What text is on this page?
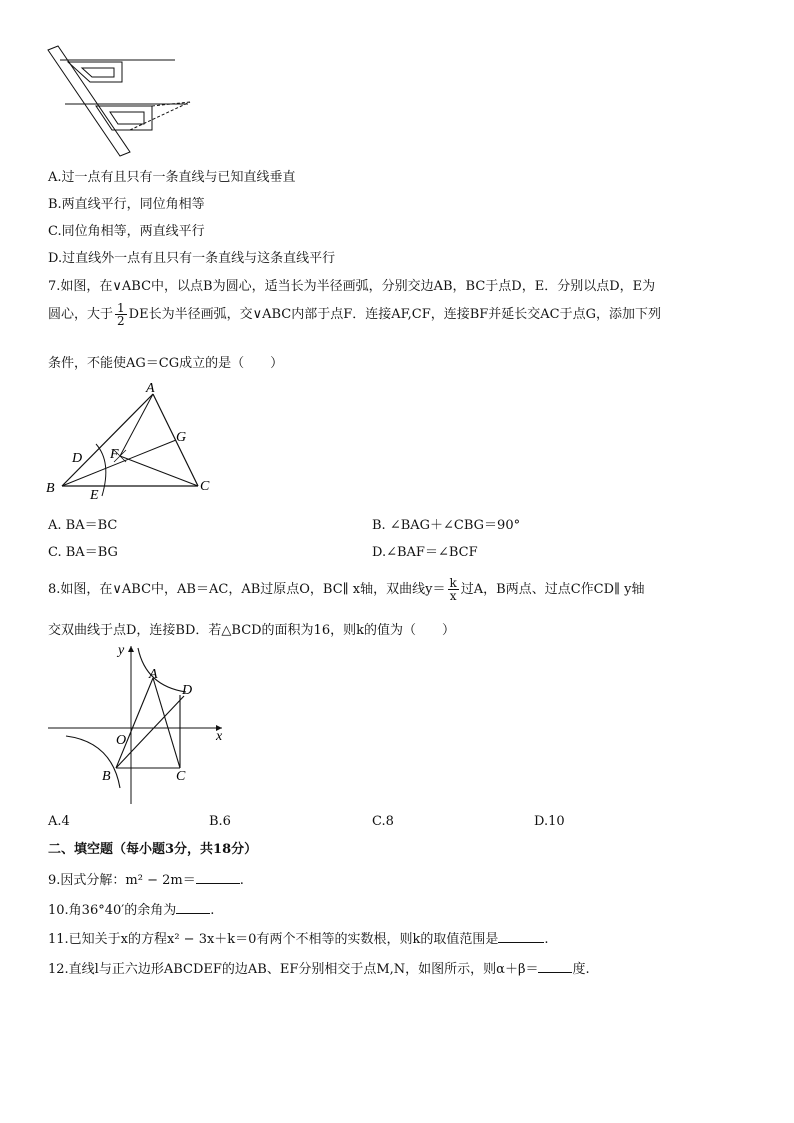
A.过一点有且只有一条直线与已知直线垂直
B.两直线平行，同位角相等
C.同位角相等，两直线平行
D.过直线外一点有且只有一条直线与这条直线平行
7.如图，在∨ABC中，以点B为圆心，适当长为半径画弧，分别交边AB，BC于点D，E．分别以点D，E为
圆心，大于 $\frac{1}{2}$ DE长为半径画弧，交∨ABC内部于点F．连接AF,CF，连接BF并延长交AC于点G，添加下列
条件，不能使AG＝CG成立的是（　　）
A
G
D F
B	E
C
A. BA＝BC	B. ∠BAG＋∠CBG＝90°
C. BA＝BG	D.∠BAF＝∠BCF
8.如图，在∨ABC中，AB＝AC，AB过原点O，BC∥ x轴，双曲线$y= \frac{k}{x}$ 过A，B两点、过点C作CD∥ y轴
交双曲线于点D，连接BD．若△BCD的面积为16，则k的值为（　　）
y
A
D
O	x
B	C
A.4	B.6	C.8	D.10
二、填空题（每小题3分，共18分）
9.因式分解：m² − 2m＝	.
10.角36°40′的余角为	.
11.已知关于x的方程x² − 3x＋k＝0有两个不相等的实数根，则k的取值范围是	.
12.直线l与正六边形ABCDEF的边AB、EF分别相交于点M,N，如图所示，则α＋β＝	度.
